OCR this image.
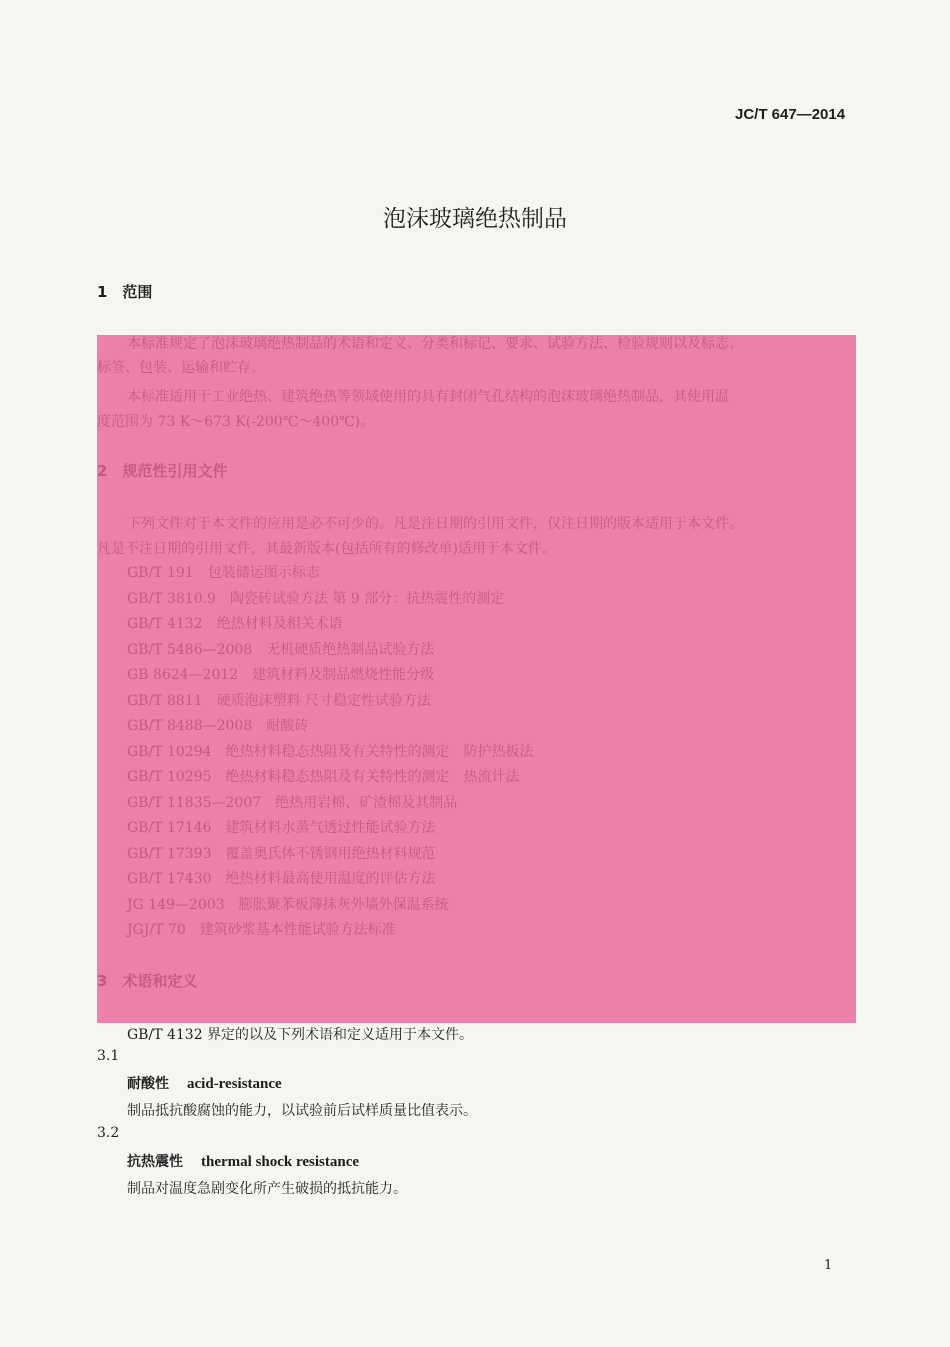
JC/T 647—2014
泡沫玻璃绝热制品
1　范围
GB/T 4132 界定的以及下列术语和定义适用于本文件。
3.1
耐酸性 acid-resistance
制品抵抗酸腐蚀的能力，以试验前后试样质量比值表示。
3.2
抗热震性 thermal shock resistance
制品对温度急剧变化所产生破损的抵抗能力。
1
